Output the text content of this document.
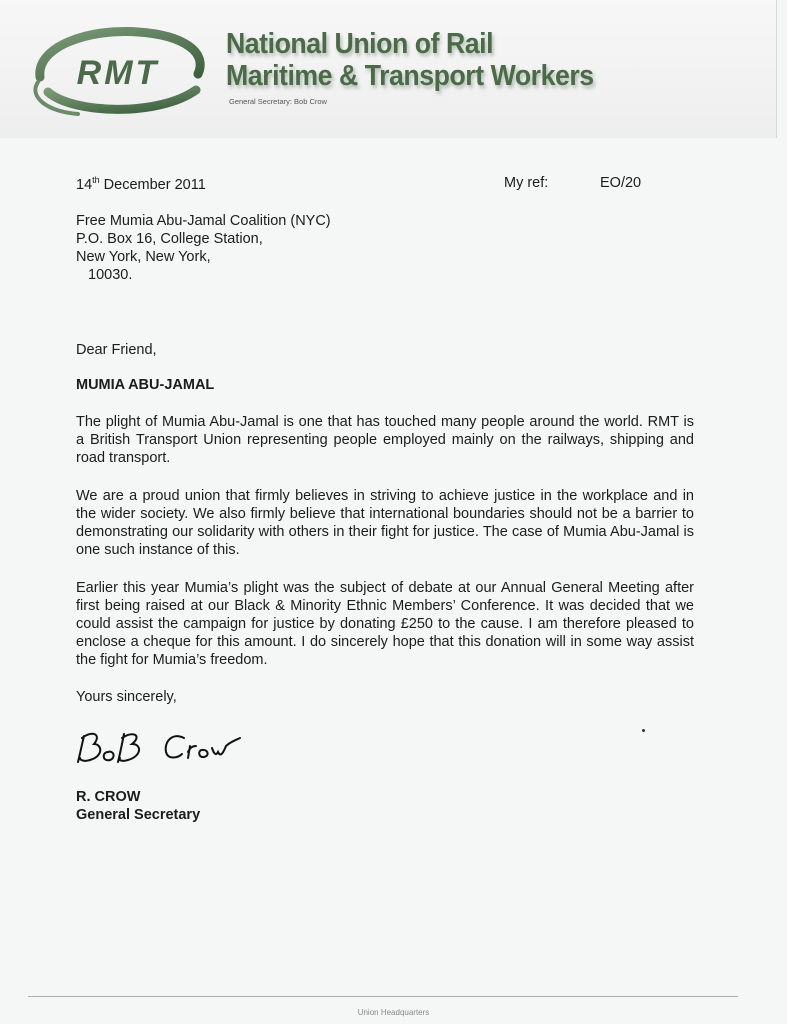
RMT
National Union of Rail
Maritime & Transport Workers
General Secretary: Bob Crow
14th December 2011	My ref:	EO/20
Free Mumia Abu-Jamal Coalition (NYC)
P.O. Box 16, College Station,
New York, New York,
10030.
Dear Friend,
MUMIA ABU-JAMAL
The plight of Mumia Abu-Jamal is one that has touched many people around the world. RMT is a British Transport Union representing people employed mainly on the railways, shipping and road transport.
We are a proud union that firmly believes in striving to achieve justice in the workplace and in the wider society. We also firmly believe that international boundaries should not be a barrier to demonstrating our solidarity with others in their fight for justice. The case of Mumia Abu-Jamal is one such instance of this.
Earlier this year Mumia’s plight was the subject of debate at our Annual General Meeting after first being raised at our Black & Minority Ethnic Members’ Conference. It was decided that we could assist the campaign for justice by donating £250 to the cause. I am therefore pleased to enclose a cheque for this amount. I do sincerely hope that this donation will in some way assist the fight for Mumia’s freedom.
Yours sincerely,
R. CROW
General Secretary
Union Headquarters
